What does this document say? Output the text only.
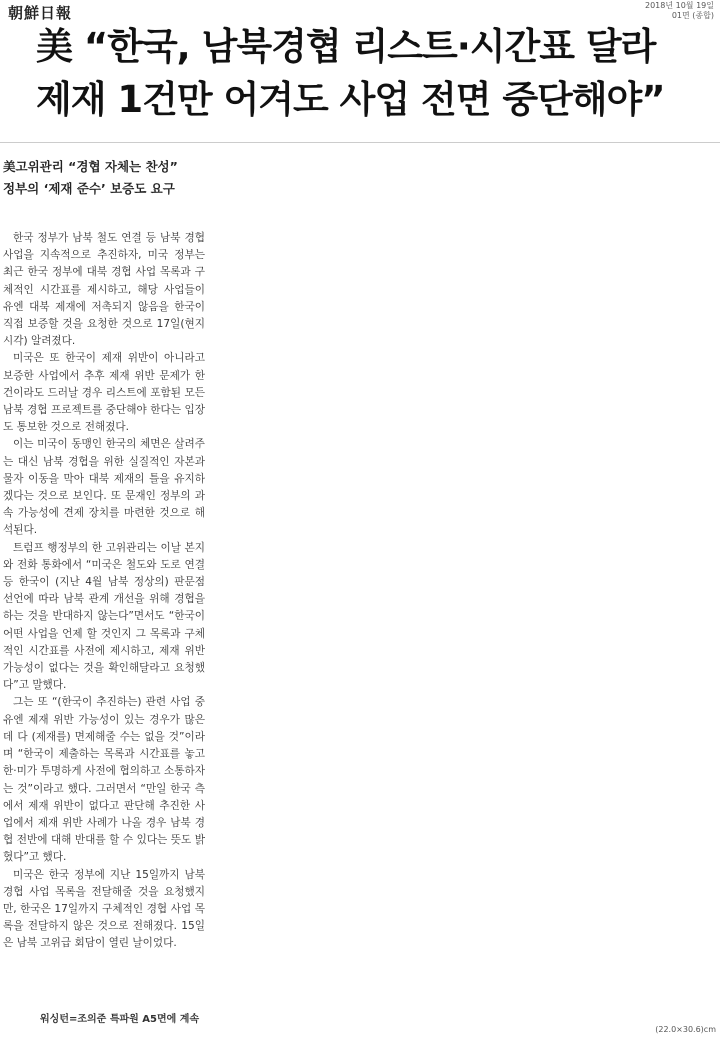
朝鮮日報	2018년 10월 19일
01면 (종합)
美 “한국, 남북경협 리스트·시간표 달라
제재 1건만 어겨도 사업 전면 중단해야”
美고위관리 “경협 자체는 찬성”
정부의 ‘제재 준수’ 보증도 요구

한국 정부가 남북 철도 연결 등 남북 경협 사업을 지속적으로 추진하자, 미국 정부는 최근 한국 정부에 대북 경협 사업 목록과 구체적인 시간표를 제시하고, 해당 사업들이 유엔 대북 제재에 저촉되지 않음을 한국이 직접 보증할 것을 요청한 것으로 17일(현지 시각) 알려졌다.

미국은 또 한국이 제재 위반이 아니라고 보증한 사업에서 추후 제재 위반 문제가 한 건이라도 드러날 경우 리스트에 포함된 모든 남북 경협 프로젝트를 중단해야 한다는 입장도 통보한 것으로 전해졌다.

이는 미국이 동맹인 한국의 체면은 살려주는 대신 남북 경협을 위한 실질적인 자본과 물자 이동을 막아 대북 제재의 틀을 유지하겠다는 것으로 보인다. 또 문재인 정부의 과속 가능성에 견제 장치를 마련한 것으로 해석된다.

트럼프 행정부의 한 고위관리는 이날 본지와 전화 통화에서 “미국은 철도와 도로 연결 등 한국이 (지난 4월 남북 정상의) 판문점 선언에 따라 남북 관계 개선을 위해 경협을 하는 것을 반대하지 않는다”면서도 “한국이 어떤 사업을 언제 할 것인지 그 목록과 구체적인 시간표를 사전에 제시하고, 제재 위반 가능성이 없다는 것을 확인해달라고 요청했다”고 말했다.

그는 또 “(한국이 추진하는) 관련 사업 중 유엔 제재 위반 가능성이 있는 경우가 많은데 다 (제재를) 면제해줄 수는 없을 것”이라며 “한국이 제출하는 목록과 시간표를 놓고 한·미가 투명하게 사전에 협의하고 소통하자는 것”이라고 했다. 그러면서 “만일 한국 측에서 제재 위반이 없다고 판단해 추진한 사업에서 제재 위반 사례가 나올 경우 남북 경협 전반에 대해 반대를 할 수 있다는 뜻도 밝혔다”고 했다.

미국은 한국 정부에 지난 15일까지 남북 경협 사업 목록을 전달해줄 것을 요청했지만, 한국은 17일까지 구체적인 경협 사업 목록을 전달하지 않은 것으로 전해졌다. 15일은 남북 고위급 회담이 열린 날이었다.

워싱턴=조의준 특파원 A5면에 계속
(22.0×30.6)cm
